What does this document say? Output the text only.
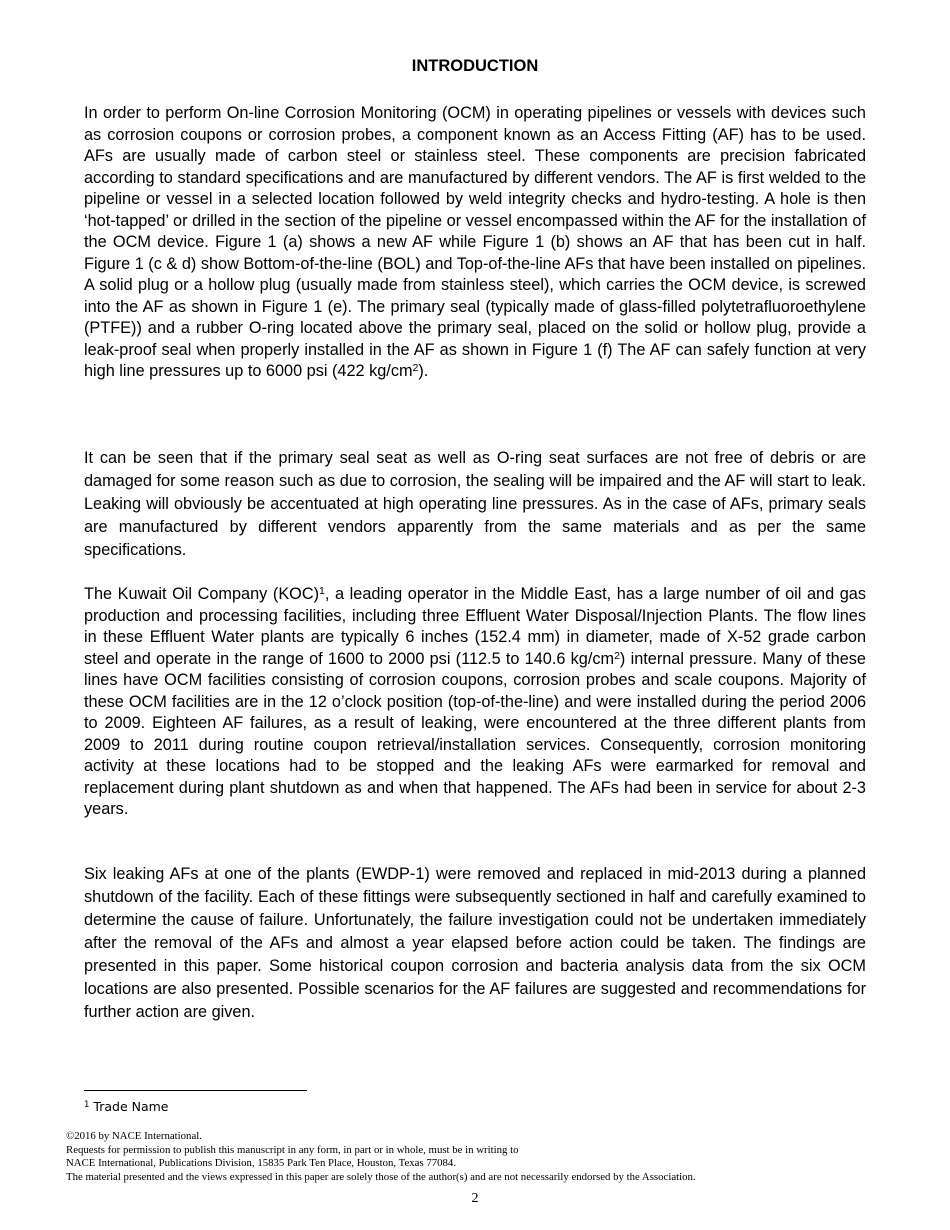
INTRODUCTION

In order to perform On-line Corrosion Monitoring (OCM) in operating pipelines or vessels with devices such as corrosion coupons or corrosion probes, a component known as an Access Fitting (AF) has to be used. AFs are usually made of carbon steel or stainless steel. These components are precision fabricated according to standard specifications and are manufactured by different vendors. The AF is first welded to the pipeline or vessel in a selected location followed by weld integrity checks and hydro-testing. A hole is then ‘hot-tapped’ or drilled in the section of the pipeline or vessel encompassed within the AF for the installation of the OCM device. Figure 1 (a) shows a new AF while Figure 1 (b) shows an AF that has been cut in half. Figure 1 (c & d) show Bottom-of-the-line (BOL) and Top-of-the-line AFs that have been installed on pipelines. A solid plug or a hollow plug (usually made from stainless steel), which carries the OCM device, is screwed into the AF as shown in Figure 1 (e). The primary seal (typically made of glass-filled polytetrafluoroethylene (PTFE)) and a rubber O-ring located above the primary seal, placed on the solid or hollow plug, provide a leak-proof seal when properly installed in the AF as shown in Figure 1 (f) The AF can safely function at very high line pressures up to 6000 psi (422 $kg/cm^2$).

It can be seen that if the primary seal seat as well as O-ring seat surfaces are not free of debris or are damaged for some reason such as due to corrosion, the sealing will be impaired and the AF will start to leak. Leaking will obviously be accentuated at high operating line pressures. As in the case of AFs, primary seals are manufactured by different vendors apparently from the same materials and as per the same specifications.

The Kuwait Oil Company (KOC)$^1$, a leading operator in the Middle East, has a large number of oil and gas production and processing facilities, including three Effluent Water Disposal/Injection Plants. The flow lines in these Effluent Water plants are typically 6 inches (152.4 mm) in diameter, made of X-52 grade carbon steel and operate in the range of 1600 to 2000 psi (112.5 to 140.6 $kg/cm^2$) internal pressure. Many of these lines have OCM facilities consisting of corrosion coupons, corrosion probes and scale coupons. Majority of these OCM facilities are in the 12 o’clock position (top-of-the-line) and were installed during the period 2006 to 2009. Eighteen AF failures, as a result of leaking, were encountered at the three different plants from 2009 to 2011 during routine coupon retrieval/installation services. Consequently, corrosion monitoring activity at these locations had to be stopped and the leaking AFs were earmarked for removal and replacement during plant shutdown as and when that happened. The AFs had been in service for about 2-3 years.

Six leaking AFs at one of the plants (EWDP-1) were removed and replaced in mid-2013 during a planned shutdown of the facility. Each of these fittings were subsequently sectioned in half and carefully examined to determine the cause of failure. Unfortunately, the failure investigation could not be undertaken immediately after the removal of the AFs and almost a year elapsed before action could be taken. The findings are presented in this paper. Some historical coupon corrosion and bacteria analysis data from the six OCM locations are also presented. Possible scenarios for the AF failures are suggested and recommendations for further action are given.

$^1$ Trade Name
©2016 by NACE International.
Requests for permission to publish this manuscript in any form, in part or in whole, must be in writing to
NACE International, Publications Division, 15835 Park Ten Place, Houston, Texas 77084.
The material presented and the views expressed in this paper are solely those of the author(s) and are not necessarily endorsed by the Association.
2
